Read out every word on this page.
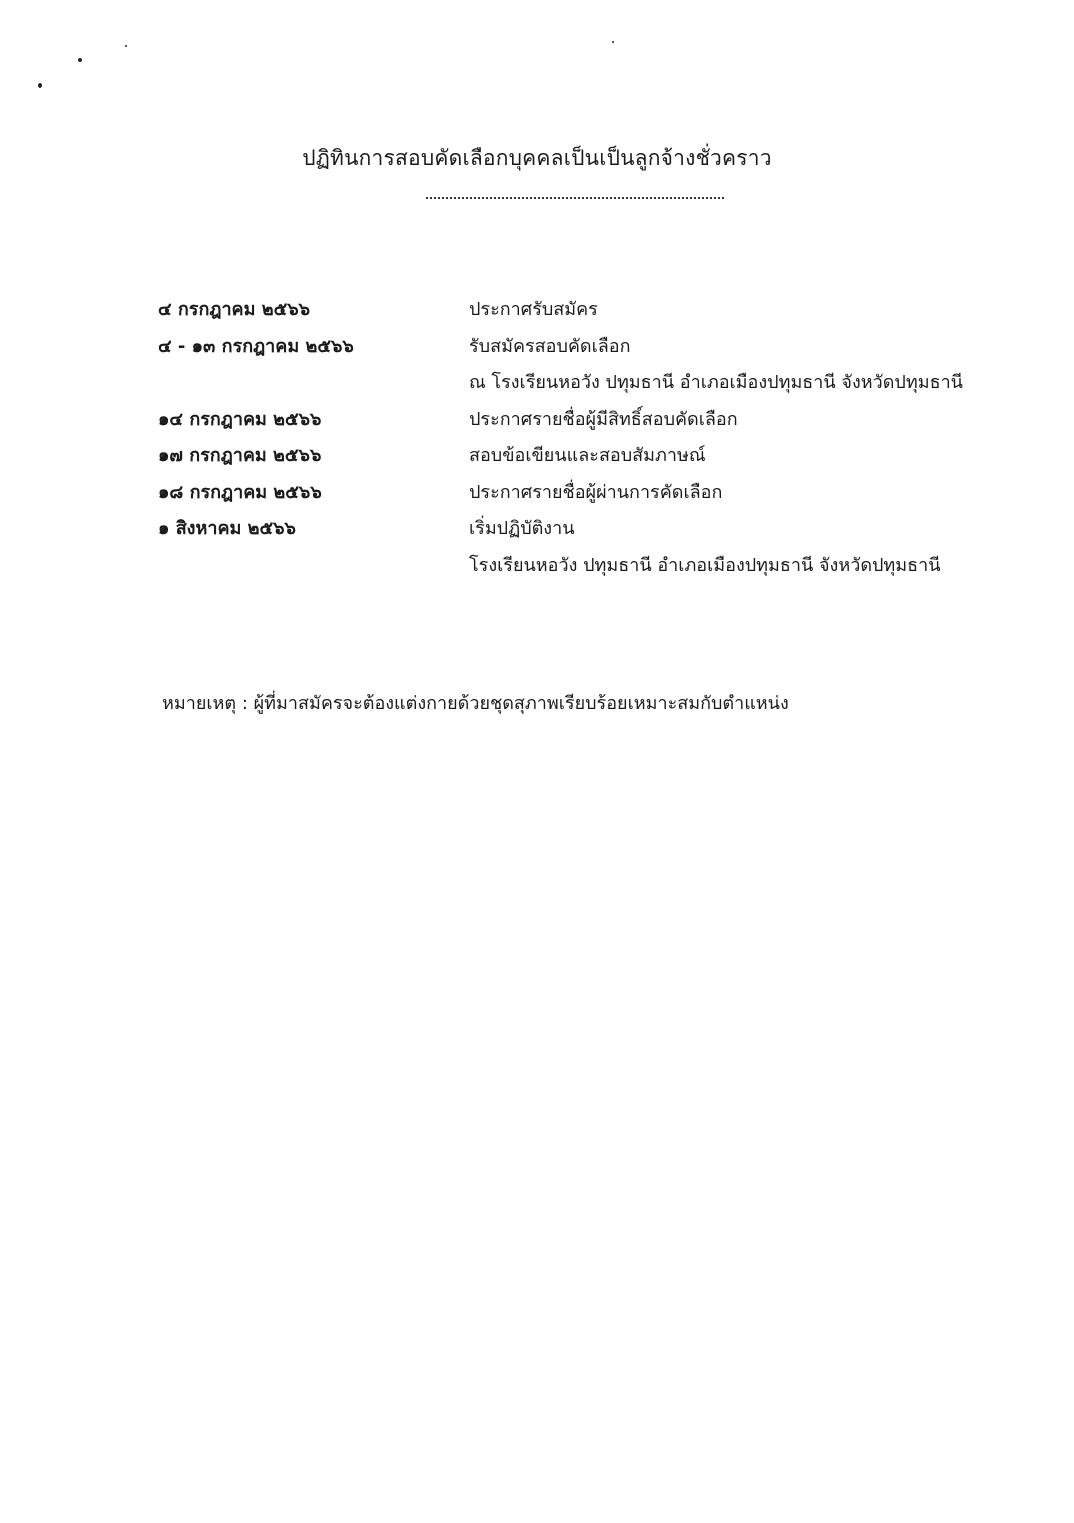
ปฏิทินการสอบคัดเลือกบุคคลเป็นเป็นลูกจ้างชั่วคราว
๔ กรกฎาคม ๒๕๖๖	ประกาศรับสมัคร
๔ - ๑๓ กรกฎาคม ๒๕๖๖	รับสมัครสอบคัดเลือก
ณ โรงเรียนหอวัง ปทุมธานี อำเภอเมืองปทุมธานี จังหวัดปทุมธานี
๑๔ กรกฎาคม ๒๕๖๖	ประกาศรายชื่อผู้มีสิทธิ์สอบคัดเลือก
๑๗ กรกฎาคม ๒๕๖๖	สอบข้อเขียนและสอบสัมภาษณ์
๑๘ กรกฎาคม ๒๕๖๖	ประกาศรายชื่อผู้ผ่านการคัดเลือก
๑ สิงหาคม ๒๕๖๖	เริ่มปฏิบัติงาน
โรงเรียนหอวัง ปทุมธานี อำเภอเมืองปทุมธานี จังหวัดปทุมธานี
หมายเหตุ : ผู้ที่มาสมัครจะต้องแต่งกายด้วยชุดสุภาพเรียบร้อยเหมาะสมกับตำแหน่ง
